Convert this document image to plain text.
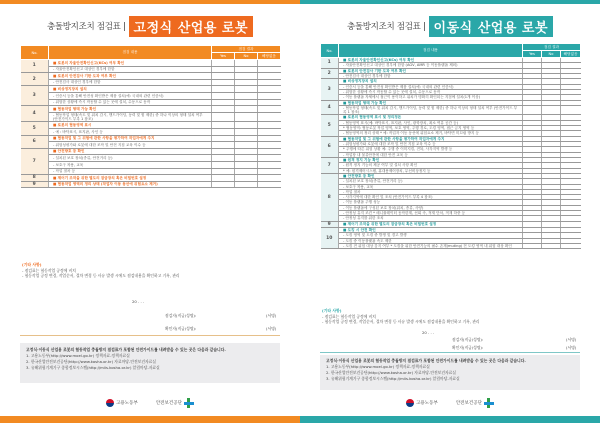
충돌방지조치 점검표 | 고정식 산업용 로봇
No.	점검 내용	점검 결과		
		Yes	No	해당없음
1	■ 로봇의 자율안전확인신고(KCs) 여부 확인			
	- 자율안전확인신고 대상인 경우에 한함			
2	■ 로봇의 안전검사 기한 도과 여부 확인			
	- 안전검사 대상인 경우에 한함			
3	■ 비상정지장치 설치			
	- 인증서 등을 통해 안전성 확인받은 제품 설치(예: 국내외 관련 인증서)			
	- 위험한 상황에 즉시 작동할 수 있는 곳에 설치, 수동으로 동작			
4	■ 협동작업 형태 가능 확인			
	- 협동작업 형태(속도 및 위치 감시, 핸드가이딩, 동력 및 힘 제한) 중 하나 이상의 형태 설치 여부(안전가이드 부록 1 참조)			
5	■ 로봇의 협동영역 표시			
	- 예 : 바닥표시, 표지판, 사인 등			
6	■ 협동작업 및 그 위험에 관한 사항을 평가하여 작업자에게 주지			
	- 위험성평가와 로봇에 대한 조작 및 안전 지침 교육 이수 등			
7	■ 안전방호 등 확인			
	- 설치된 보호 장치(종류, 안전거리 등)			
	- 보호구 착용, 교육			
	- 작업 절차 등			
8	■ 제어기 조작을 위한 별도의 잠금장치 혹은 비밀번호 설정			
9	■ 협동작업 영역의 정리 상태 (작업자 이동 동선에 위험요소 제거)			
(기타 사항)
- 점검표는 협동작업 공정에 비치
- 협동작업 공정 변경, 작업순서, 절차 변경 등 사유 발생 시에도 점검내용을 확인하고 기록, 관리
20 . . .
점검자(직급/성명):	(서명)
확인자(직급/성명):	(서명)
고정식·이동식 산업용 로봇의 협동작업 충돌방지 점검표가 포함된 안전가이드를 내려받을 수 있는 곳은 다음과 같습니다.
1. 고용노동부(http://www.moel.go.kr) 정책자료-정책자료실
2. 한국산업안전보건공단(http://www.kosha.or.kr) 자료마당-안전보건자료실
3. 유해위험기계기구 종합정보시스템(http://miis.kosha.or.kr) 알림마당-자료실
고용노동부	안전보건공단
충돌방지조치 점검표 | 이동식 산업용 로봇
No.	점검 내용	점검 결과		
		Yes	No	해당없음
1	■ 로봇의 자율안전확인신고(KCs) 여부 확인			
	- 자율안전확인신고 대상인 경우에 한함 (AGV, AMR 등 이동플랫폼 제외)			
2	■ 로봇의 안전검사 기한 도과 여부 확인			
	- 안전검사 대상인 경우에 한함			
3	■ 비상정지장치 설치			
	- 인증서 등을 통해 안전성 확인받은 제품 설치(예: 국내외 관련 인증서)			
	- 위험한 상황에 즉시 작동할 수 있는 곳에 설치, 수동으로 동작			
	- 이동 플랫폼 자체에서 접근이 용이하고 위치가 명확히 확인되는 지점에 설치(1개 이상)			
4	■ 협동작업 형태 가능 확인			
	- 협동작업 형태(속도 및 위치 감시, 핸드가이딩, 동력 및 힘 제한) 중 하나 이상의 형태 설치 여부 (안전가이드 부록 1 참조)			
5	■ 로봇의 협동영역 표시 및 정리정돈			
	- 협동영역 표시(예: 바닥표시, 표지판, 사인, 광학장치, 최소 여유 공간 등)			
	* 협동영역: 협동로봇 작업 영역, 보호 영역, 주행 경로, 도킹 영역, 접근 금지 영역 등			
	- 협동영역의 정리 상태 * 예: 작업자 이동 동선에 위험요소 제거, 바닥면 미끄럼 방지 등			
6	■ 협동작업 및 그 위험에 관한 사항을 평가하여 작업자에게 주지			
	- 위험성평가와 로봇에 대한 조작 및 안전 지침 교육 이수 등			
	* 주행에 따른 위험 상황 예: 주행 중 이미지킹, 전복, 사각지역 발생 등			
	- 작업장 내 물류안전에 대한 안전 교육 등			
7	■ 원격 정지 기능 확인			
	- 원격 정지 기능의 제공 여부 및 설치 사항 확인			
	* 예: 원격제어시스템, 휴대용제어장치, 무선비상정지 등			
8	■ 안전방호 등 확인			
	- 설치된 보호 장치(종류, 안전거리 등)			
	- 보호구 착용, 교육			
	- 작업 절차			
	- 사각지역에 대한 확인 및 조치 (안전가이드 부록 4 참조)			
	- 이동 플랫폼 주행 성능			
	- 이동 플랫폼에 구성된 보호 장치(위치, 종류, 사양)			
	- 안정성 유지 조건 * 매니퓰레이터 동작한계, 선회 속, 적재 단차, 적재 하중 등			
	- 안정성 유지를 위한 조치			
9	■ 제어기 조작을 위한 별도의 잠금장치 혹은 비밀번호 설정			
10	■ 도킹 시 안전 확인			
	- 도킹 영역 및 도킹 중 발생 및 경고 발생			
	- 도킹 중 이동플랫폼 속도 제한			
	- 도킹 전 위험 대상 감지 여부 * 도킹을 위한 안전기능의 필수 존재(muting) 전 도킹 영역 내 위험 대상 확인			
(기타 사항)
- 점검표는 협동작업 공정에 비치
- 협동작업 공정 변경, 작업순서, 절차 변경 등 사유 발생 시에도 점검내용을 확인하고 기록, 관리
20 . . .
점검자(직급/성명):	(서명)
확인자(직급/성명):	(서명)
고정식·이동식 산업용 로봇의 협동작업 충돌방지 점검표가 포함된 안전가이드를 내려받을 수 있는 곳은 다음과 같습니다.
1. 고용노동부(http://www.moel.go.kr) 정책자료-정책자료실
2. 한국산업안전보건공단(http://www.kosha.or.kr) 자료마당-안전보건자료실
3. 유해위험기계기구 종합정보시스템(http://miis.kosha.or.kr) 알림마당-자료실
고용노동부	안전보건공단
